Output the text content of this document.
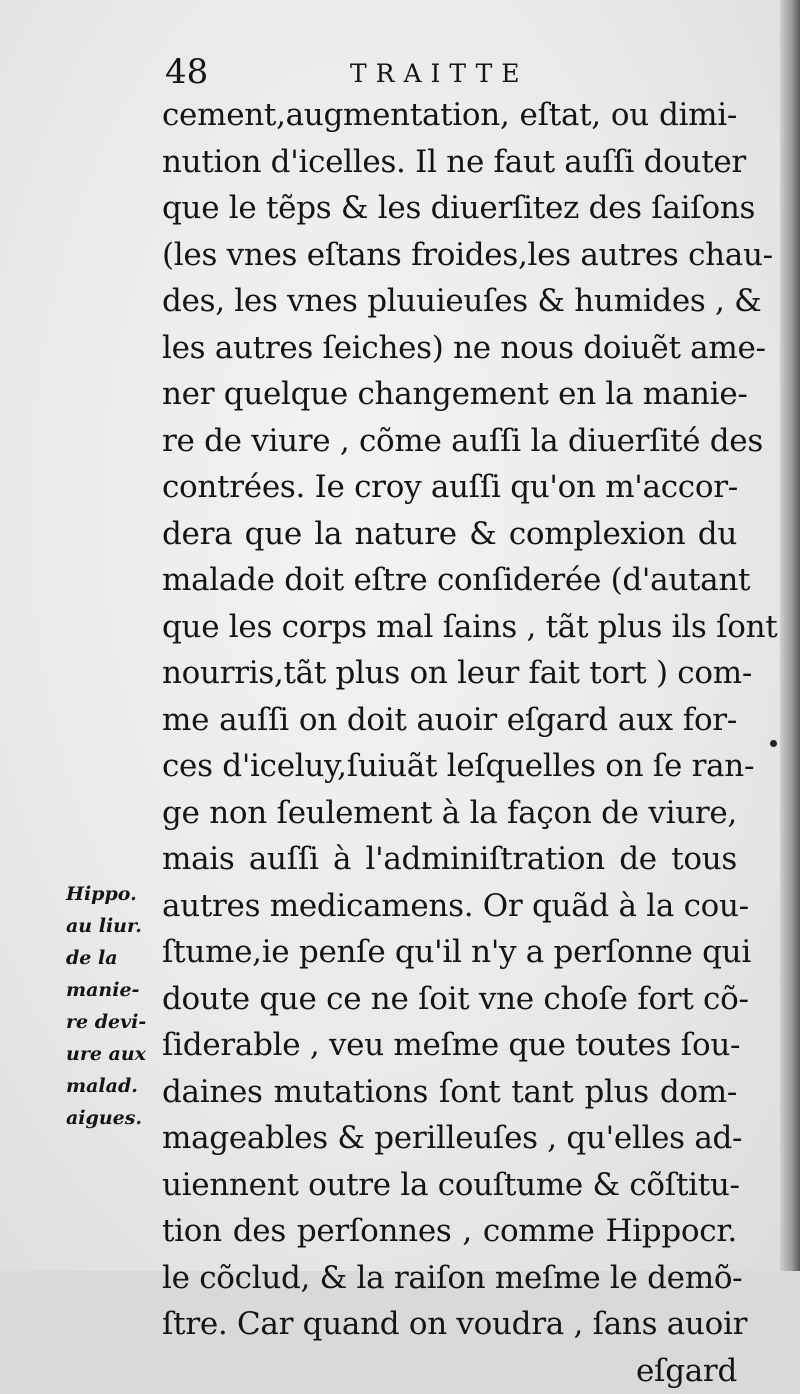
48	TRAITTE
cement,augmentation, eſtat, ou dimi-
nution d'icelles. Il ne faut auſſi douter
que le tẽps & les diuerſitez des ſaiſons
(les vnes eſtans froides,les autres chau-
des, les vnes pluuieuſes & humides , &
les autres ſeiches) ne nous doiuẽt ame-
ner quelque changement en la manie-
re de viure , cõme auſſi la diuerſité des
contrées. Ie croy auſſi qu'on m'accor-
dera que la nature & complexion du
malade doit eſtre conſiderée (d'autant
que les corps mal ſains , tãt plus ils ſont
nourris,tãt plus on leur fait tort ) com-
me auſſi on doit auoir eſgard aux for-
ces d'iceluy,ſuiuãt leſquelles on ſe ran-
ge non ſeulement à la façon de viure,
mais auſſi à l'adminiſtration de tous
autres medicamens. Or quãd à la cou-
ſtume,ie penſe qu'il n'y a perſonne qui
doute que ce ne ſoit vne choſe fort cõ-
ſiderable , veu meſme que toutes ſou-
daines mutations ſont tant plus dom-
mageables & perilleuſes , qu'elles ad-
uiennent outre la couſtume & cõſtitu-
tion des perſonnes , comme Hippocr.
le cõclud, & la raiſon meſme le demõ-
ſtre. Car quand on voudra , ſans auoir
eſgard
Hippo.
au liur.
de la
manie-
re devi-
ure aux
malad.
aigues.
